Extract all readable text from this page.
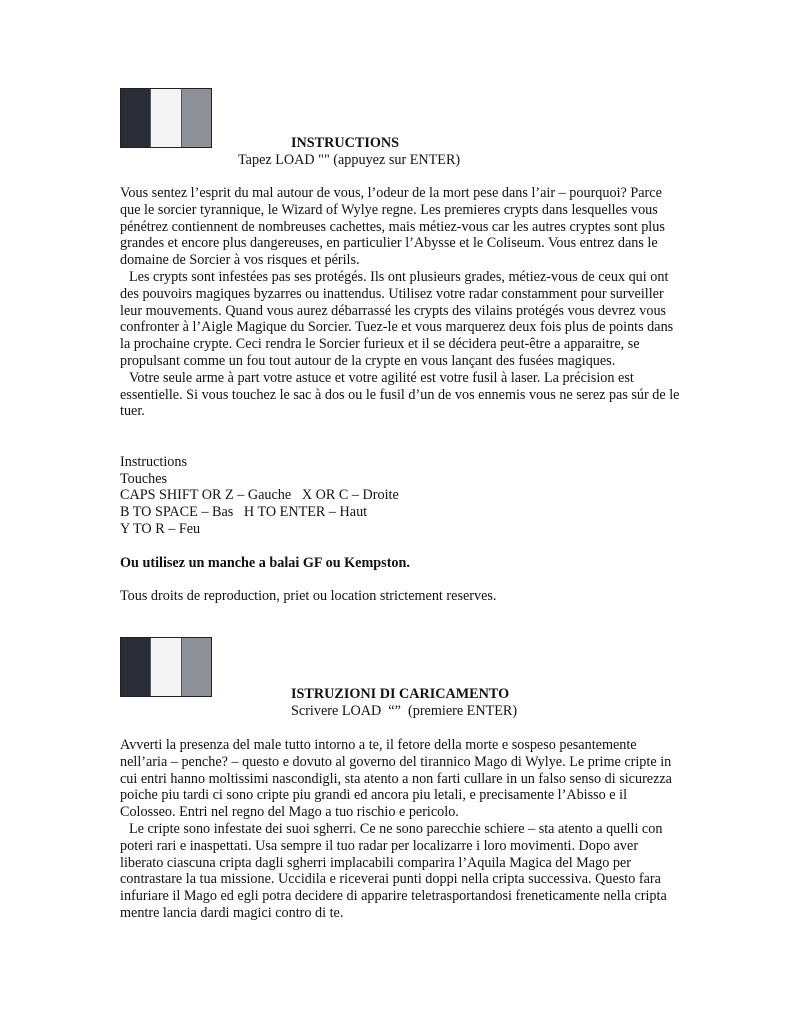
INSTRUCTIONS
Tapez LOAD "" (appuyez sur ENTER)

Vous sentez l’esprit du mal autour de vous, l’odeur de la mort pese dans l’air – pourquoi? Parce que le sorcier tyrannique, le Wizard of Wylye regne. Les premieres crypts dans lesquelles vous pénétrez contiennent de nombreuses cachettes, mais métiez-vous car les autres cryptes sont plus grandes et encore plus dangereuses, en particulier l’Abysse et le Coliseum. Vous entrez dans le domaine de Sorcier à vos risques et périls.

Les crypts sont infestées pas ses protégés. Ils ont plusieurs grades, métiez-vous de ceux qui ont des pouvoirs magiques byzarres ou inattendus. Utilisez votre radar constamment pour surveiller leur mouvements. Quand vous aurez débarrassé les crypts des vilains protégés vous devrez vous confronter à l’Aigle Magique du Sorcier. Tuez-le et vous marquerez deux fois plus de points dans la prochaine crypte. Ceci rendra le Sorcier furieux et il se décidera peut-être a apparaitre, se propulsant comme un fou tout autour de la crypte en vous lançant des fusées magiques.

Votre seule arme à part votre astuce et votre agilité est votre fusil à laser. La précision est essentielle. Si vous touchez le sac à dos ou le fusil d’un de vos ennemis vous ne serez pas súr de le tuer.

Instructions
Touches
CAPS SHIFT OR Z – Gauche   X OR C – Droite
B TO SPACE – Bas   H TO ENTER – Haut
Y TO R – Feu
Ou utilisez un manche a balai GF ou Kempston.
Tous droits de reproduction, priet ou location strictement reserves.
ISTRUZIONI DI CARICAMENTO
Scrivere LOAD  “”  (premiere ENTER)

Avverti la presenza del male tutto intorno a te, il fetore della morte e sospeso pesantemente nell’aria – penche? – questo e dovuto al governo del tirannico Mago di Wylye. Le prime cripte in cui entri hanno moltissimi nascondigli, sta atento a non farti cullare in un falso senso di sicurezza poiche piu tardi ci sono cripte piu grandi ed ancora piu letali, e precisamente l’Abisso e il Colosseo. Entri nel regno del Mago a tuo rischio e pericolo.

Le cripte sono infestate dei suoi sgherri. Ce ne sono parecchie schiere – sta atento a quelli con poteri rari e inaspettati. Usa sempre il tuo radar per localizarre i loro movimenti. Dopo aver liberato ciascuna cripta dagli sgherri implacabili comparira l’Aquila Magica del Mago per contrastare la tua missione. Uccidila e riceverai punti doppi nella cripta successiva. Questo fara infuriare il Mago ed egli potra decidere di apparire teletrasportandosi freneticamente nella cripta mentre lancia dardi magici contro di te.
